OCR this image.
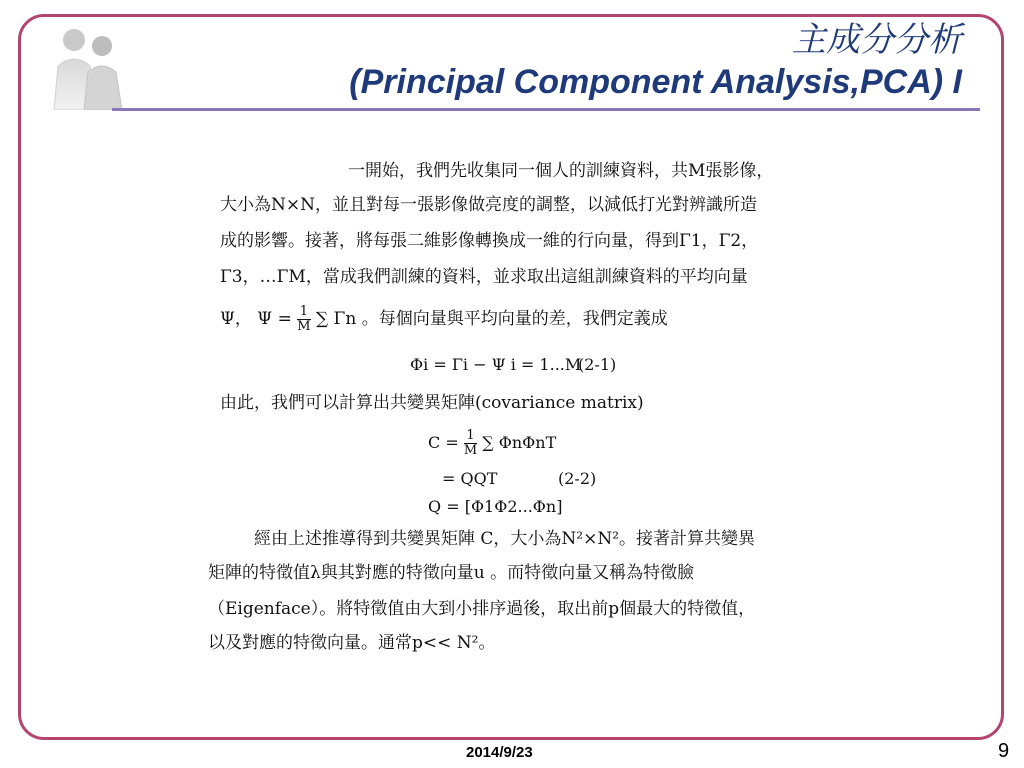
主成分分析
(Principal Component Analysis,PCA) I
一開始，我們先收集同一個人的訓練資料，共M張影像，
大小為N×N，並且對每一張影像做亮度的調整，以減低打光對辨識所造
成的影響。接著，將每張二維影像轉換成一維的行向量，得到Γ1，Γ2，
Γ3，…ΓM，當成我們訓練的資料，並求取出這組訓練資料的平均向量
Ψ， $\Psi = \frac{1}{M}$ ∑ Γn 。每個向量與平均向量的差，我們定義成
Φi = Γi − Ψ i = 1...M
(2-1)
由此，我們可以計算出共變異矩陣(covariance matrix)
$C = \frac{1}{M}$ ∑ ΦnΦnT
= QQT	(2-2)
Q = [Φ1Φ2...Φn]
經由上述推導得到共變異矩陣 C，大小為N²×N²。接著計算共變異
矩陣的特徵值λ與其對應的特徵向量u 。而特徵向量又稱為特徵臉
（Eigenface）。將特徵值由大到小排序過後，取出前p個最大的特徵值，
以及對應的特徵向量。通常p<< N²。
2014/9/23	9
